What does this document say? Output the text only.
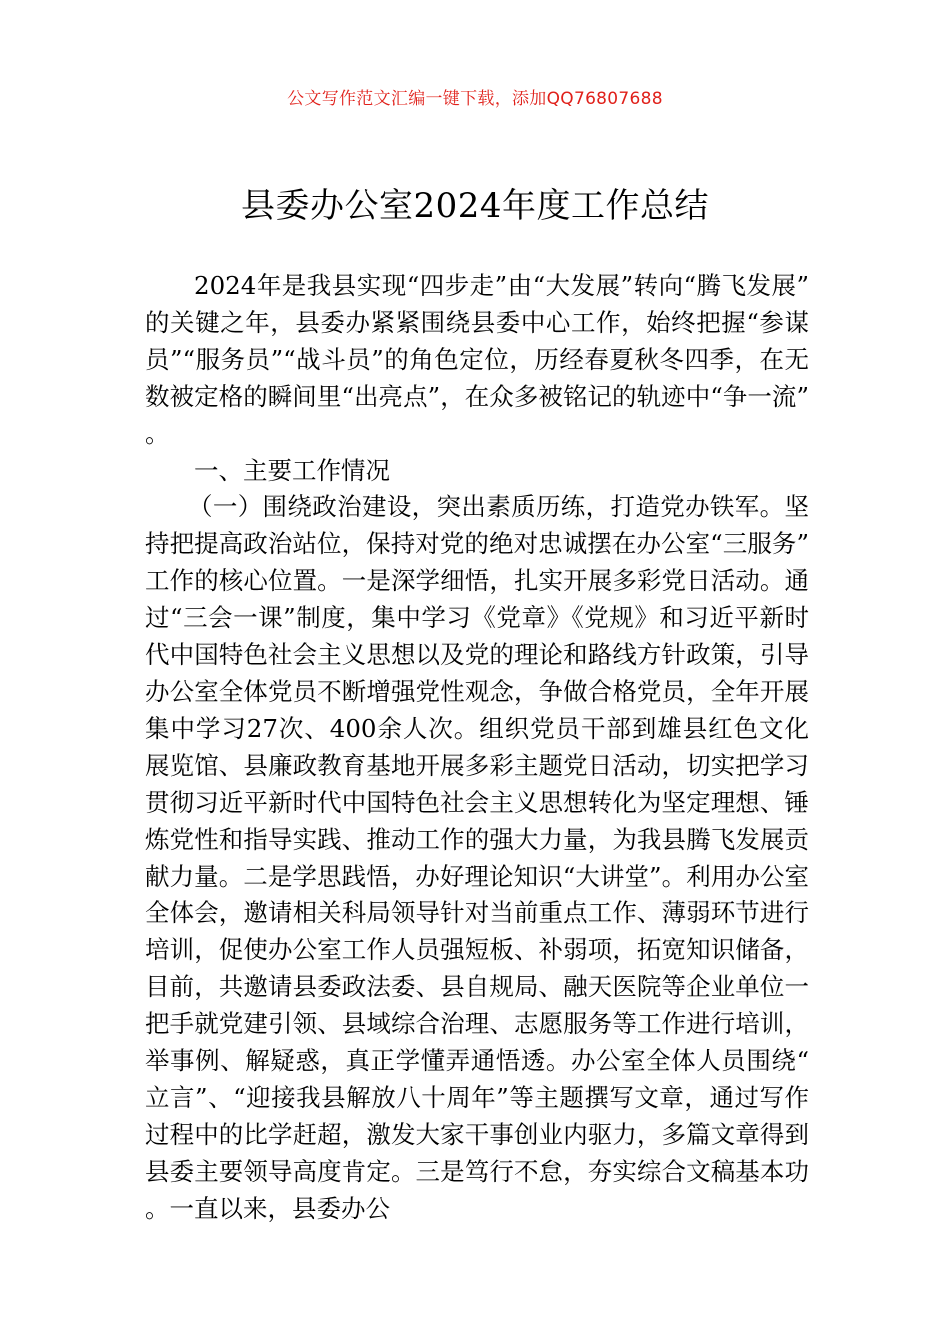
公文写作范文汇编一键下载，添加QQ76807688
县委办公室2024年度工作总结

2024年是我县实现“四步走”由“大发展”转向“腾飞发展”的关键之年，县委办紧紧围绕县委中心工作，始终把握“参谋员”“服务员”“战斗员”的角色定位，历经春夏秋冬四季，在无数被定格的瞬间里“出亮点”，在众多被铭记的轨迹中“争一流”。

一、主要工作情况

（一）围绕政治建设，突出素质历练，打造党办铁军。坚持把提高政治站位，保持对党的绝对忠诚摆在办公室“三服务”工作的核心位置。一是深学细悟，扎实开展多彩党日活动。通过“三会一课”制度，集中学习《党章》《党规》和习近平新时代中国特色社会主义思想以及党的理论和路线方针政策，引导办公室全体党员不断增强党性观念，争做合格党员，全年开展集中学习27次、400余人次。组织党员干部到雄县红色文化展览馆、县廉政教育基地开展多彩主题党日活动，切实把学习贯彻习近平新时代中国特色社会主义思想转化为坚定理想、锤炼党性和指导实践、推动工作的强大力量，为我县腾飞发展贡献力量。二是学思践悟，办好理论知识“大讲堂”。利用办公室全体会，邀请相关科局领导针对当前重点工作、薄弱环节进行培训，促使办公室工作人员强短板、补弱项，拓宽知识储备，目前，共邀请县委政法委、县自规局、融天医院等企业单位一把手就党建引领、县域综合治理、志愿服务等工作进行培训，举事例、解疑惑，真正学懂弄通悟透。办公室全体人员围绕“立言”、“迎接我县解放八十周年”等主题撰写文章，通过写作过程中的比学赶超，激发大家干事创业内驱力，多篇文章得到县委主要领导高度肯定。三是笃行不怠，夯实综合文稿基本功。一直以来，县委办公
